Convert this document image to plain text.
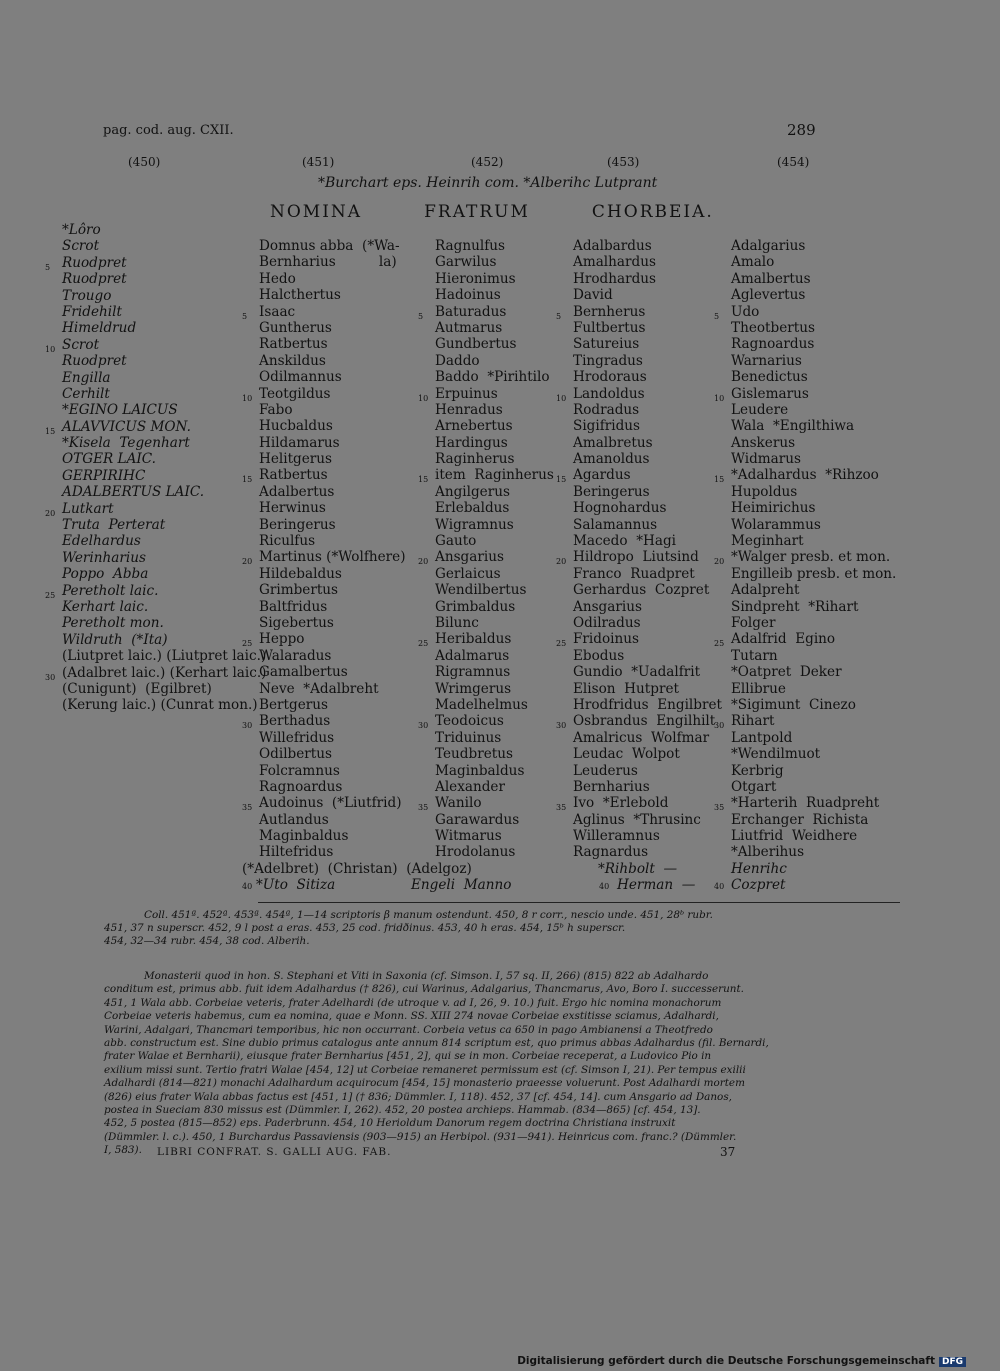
pag. cod. aug. CXII.	289
(450)	(451)	(452)	(453)	(454)
*Burchart eps. Heinrih com. *Alberihc Lutprant
NOMINA	FRATRUM	CHORBEIA.
*Lôro
Scrot
5 Ruodpret
Ruodpret
Trougo
Fridehilt
Himeldrud
10 Scrot
Ruodpret
Engilla
Cerhilt
*EGINO LAICUS
15 ALAVVICUS MON.
*Kisela  Tegenhart
OTGER LAIC.
GERPIRIHC
ADALBERTUS LAIC.
20 Lutkart
Truta  Perterat
Edelhardus
Werinharius
Poppo  Abba
25 Peretholt laic.
Kerhart laic.
Peretholt mon.
Wildruth  (*Ita)
(Liutpret laic.) (Liutpret laic.)
30 (Adalbret laic.) (Kerhart laic.)
(Cunigunt)  (Egilbret)
(Kerung laic.) (Cunrat mon.)
Domnus abba  (*Wa-
Bernharius          la)
Hedo
Halcthertus
5 Isaac
Guntherus
Ratbertus
Anskildus
Odilmannus
10 Teotgildus
Fabo
Hucbaldus
Hildamarus
Helitgerus
15 Ratbertus
Adalbertus
Herwinus
Beringerus
Riculfus
20 Martinus (*Wolfhere)
Hildebaldus
Grimbertus
Baltfridus
Sigebertus
25 Heppo
Walaradus
Gamalbertus
Neve  *Adalbreht
Bertgerus
30 Berthadus
Willefridus
Odilbertus
Folcramnus
Ragnoardus
35 Audoinus  (*Liutfrid)
Autlandus
Maginbaldus
Hiltefridus
Ragnulfus
Garwilus
Hieronimus
Hadoinus
5 Baturadus
Autmarus
Gundbertus
Daddo
Baddo  *Pirihtilo
10 Erpuinus
Henradus
Arnebertus
Hardingus
Raginherus
15 item  Raginherus
Angilgerus
Erlebaldus
Wigramnus
Gauto
20 Ansgarius
Gerlaicus
Wendilbertus
Grimbaldus
Bilunc
25 Heribaldus
Adalmarus
Rigramnus
Wrimgerus
Madelhelmus
30 Teodoicus
Triduinus
Teudbretus
Maginbaldus
Alexander
35 Wanilo
Garawardus
Witmarus
Hrodolanus
Adalbardus
Amalhardus
Hrodhardus
David
5 Bernherus
Fultbertus
Satureius
Tingradus
Hrodoraus
10 Landoldus
Rodradus
Sigifridus
Amalbretus
Amanoldus
15 Agardus
Beringerus
Hognohardus
Salamannus
Macedo  *Hagi
20 Hildropo  Liutsind
Franco  Ruadpret
Gerhardus  Cozpret
Ansgarius
Odilradus
25 Fridoinus
Ebodus
Gundio  *Uadalfrit
Elison  Hutpret
Hrodfridus  Engilbret
30 Osbrandus  Engilhilt
Amalricus  Wolfmar
Leudac  Wolpot
Leuderus
Bernharius
35 Ivo  *Erlebold
Aglinus  *Thrusinc
Willeramnus
Ragnardus
Adalgarius
Amalo
Amalbertus
Aglevertus
5 Udo
Theotbertus
Ragnoardus
Warnarius
Benedictus
10 Gislemarus
Leudere
Wala  *Engilthiwa
Anskerus
Widmarus
15 *Adalhardus  *Rihzoo
Hupoldus
Heimirichus
Wolarammus
Meginhart
20 *Walger presb. et mon.
Engilleib presb. et mon.
Adalpreht
Sindpreht  *Rihart
Folger
25 Adalfrid  Egino
Tutarn
*Oatpret  Deker
Ellibrue
*Sigimunt  Cinezo
30 Rihart
Lantpold
*Wendilmuot
Kerbrig
Otgart
35 *Harterih  Ruadpreht
Erchanger  Richista
Liutfrid  Weidhere
*Alberihus
(*Adelbret)  (Christan)  (Adelgoz)	*Rihbolt  —	Henrihc
40 *Uto  Sitiza	Engeli  Manno	40 Herman  — 40 Cozpret
Coll. 451ª. 452ª. 453ª. 454ª, 1—14 scriptoris β manum ostendunt. 450, 8 r corr., nescio unde. 451, 28ᵇ rubr.
451, 37 n superscr. 452, 9 l post a eras. 453, 25 cod. fridðinus. 453, 40 h eras. 454, 15ᵇ h superscr.
454, 32—34 rubr. 454, 38 cod. Alberih.
Monasterii quod in hon. S. Stephani et Viti in Saxonia (cf. Simson. I, 57 sq. II, 266) (815) 822 ab Adalhardo
conditum est, primus abb. fuit idem Adalhardus († 826), cui Warinus, Adalgarius, Thancmarus, Avo, Boro I. successerunt.
451, 1 Wala abb. Corbeiae veteris, frater Adelhardi (de utroque v. ad I, 26, 9. 10.) fuit. Ergo hic nomina monachorum
Corbeiae veteris habemus, cum ea nomina, quae e Monn. SS. XIII 274 novae Corbeiae exstitisse sciamus, Adalhardi,
Warini, Adalgari, Thancmari temporibus, hic non occurrant. Corbeia vetus ca 650 in pago Ambianensi a Theotfredo
abb. constructum est. Sine dubio primus catalogus ante annum 814 scriptum est, quo primus abbas Adalhardus (fil. Bernardi,
frater Walae et Bernharii), eiusque frater Bernharius [451, 2], qui se in mon. Corbeiae receperat, a Ludovico Pio in
exilium missi sunt. Tertio fratri Walae [454, 12] ut Corbeiae remaneret permissum est (cf. Simson I, 21). Per tempus exilii
Adalhardi (814—821) monachi Adalhardum acquirocum [454, 15] monasterio praeesse voluerunt. Post Adalhardi mortem
(826) eius frater Wala abbas factus est [451, 1] († 836; Dümmler. I, 118). 452, 37 [cf. 454, 14]. cum Ansgario ad Danos,
postea in Sueciam 830 missus est (Dümmler. I, 262). 452, 20 postea archieps. Hammab. (834—865) [cf. 454, 13].
452, 5 postea (815—852) eps. Paderbrunn. 454, 10 Herioldum Danorum regem doctrina Christiana instruxit
(Dümmler. l. c.). 450, 1 Burchardus Passaviensis (903—915) an Herbipol. (931—941). Heinricus com. franc.? (Dümmler.
I, 583).	LIBRI CONFRAT. S. GALLI AUG. FAB.	37
Digitalisierung gefördert durch die Deutsche Forschungsgemeinschaft DFG
